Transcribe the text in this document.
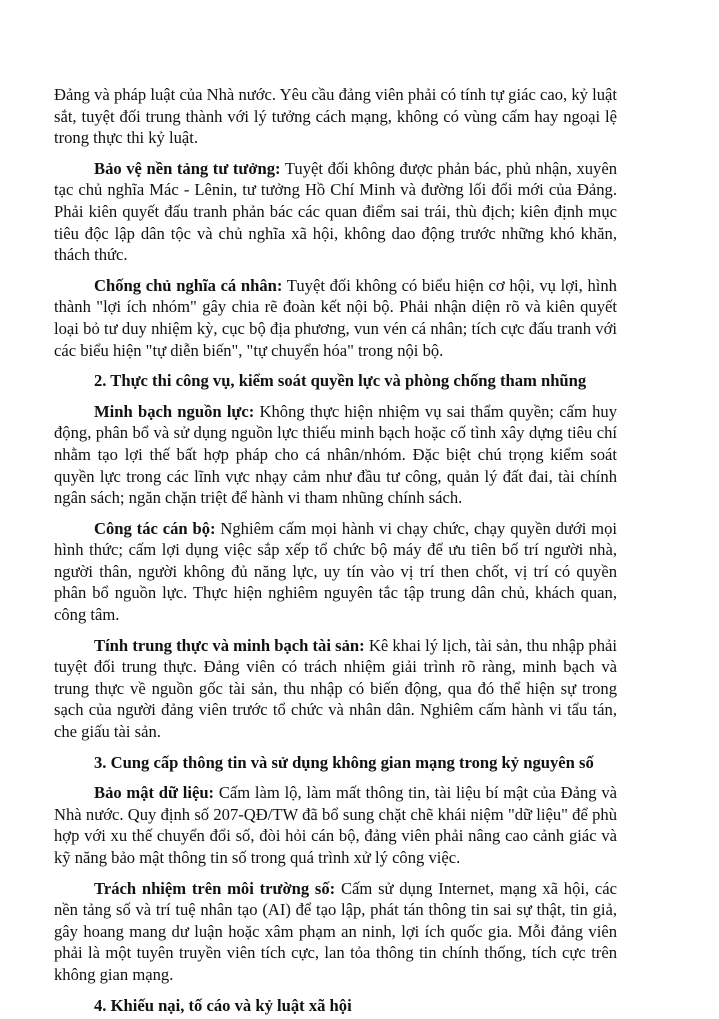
Đảng và pháp luật của Nhà nước. Yêu cầu đảng viên phải có tính tự giác cao, kỷ luật sắt, tuyệt đối trung thành với lý tưởng cách mạng, không có vùng cấm hay ngoại lệ trong thực thi kỷ luật.

Bảo vệ nền tảng tư tưởng: Tuyệt đối không được phản bác, phủ nhận, xuyên tạc chủ nghĩa Mác - Lênin, tư tưởng Hồ Chí Minh và đường lối đổi mới của Đảng. Phải kiên quyết đấu tranh phản bác các quan điểm sai trái, thù địch; kiên định mục tiêu độc lập dân tộc và chủ nghĩa xã hội, không dao động trước những khó khăn, thách thức.

Chống chủ nghĩa cá nhân: Tuyệt đối không có biểu hiện cơ hội, vụ lợi, hình thành "lợi ích nhóm" gây chia rẽ đoàn kết nội bộ. Phải nhận diện rõ và kiên quyết loại bỏ tư duy nhiệm kỳ, cục bộ địa phương, vun vén cá nhân; tích cực đấu tranh với các biểu hiện "tự diễn biến", "tự chuyển hóa" trong nội bộ.

2. Thực thi công vụ, kiểm soát quyền lực và phòng chống tham nhũng

Minh bạch nguồn lực: Không thực hiện nhiệm vụ sai thẩm quyền; cấm huy động, phân bổ và sử dụng nguồn lực thiếu minh bạch hoặc cố tình xây dựng tiêu chí nhằm tạo lợi thế bất hợp pháp cho cá nhân/nhóm. Đặc biệt chú trọng kiểm soát quyền lực trong các lĩnh vực nhạy cảm như đầu tư công, quản lý đất đai, tài chính ngân sách; ngăn chặn triệt để hành vi tham nhũng chính sách.

Công tác cán bộ: Nghiêm cấm mọi hành vi chạy chức, chạy quyền dưới mọi hình thức; cấm lợi dụng việc sắp xếp tổ chức bộ máy để ưu tiên bố trí người nhà, người thân, người không đủ năng lực, uy tín vào vị trí then chốt, vị trí có quyền phân bổ nguồn lực. Thực hiện nghiêm nguyên tắc tập trung dân chủ, khách quan, công tâm.

Tính trung thực và minh bạch tài sản: Kê khai lý lịch, tài sản, thu nhập phải tuyệt đối trung thực. Đảng viên có trách nhiệm giải trình rõ ràng, minh bạch và trung thực về nguồn gốc tài sản, thu nhập có biến động, qua đó thể hiện sự trong sạch của người đảng viên trước tổ chức và nhân dân. Nghiêm cấm hành vi tẩu tán, che giấu tài sản.

3. Cung cấp thông tin và sử dụng không gian mạng trong kỷ nguyên số

Bảo mật dữ liệu: Cấm làm lộ, làm mất thông tin, tài liệu bí mật của Đảng và Nhà nước. Quy định số 207-QĐ/TW đã bổ sung chặt chẽ khái niệm "dữ liệu" để phù hợp với xu thế chuyển đổi số, đòi hỏi cán bộ, đảng viên phải nâng cao cảnh giác và kỹ năng bảo mật thông tin số trong quá trình xử lý công việc.

Trách nhiệm trên môi trường số: Cấm sử dụng Internet, mạng xã hội, các nền tảng số và trí tuệ nhân tạo (AI) để tạo lập, phát tán thông tin sai sự thật, tin giả, gây hoang mang dư luận hoặc xâm phạm an ninh, lợi ích quốc gia. Mỗi đảng viên phải là một tuyên truyền viên tích cực, lan tỏa thông tin chính thống, tích cực trên không gian mạng.

4. Khiếu nại, tố cáo và kỷ luật xã hội
